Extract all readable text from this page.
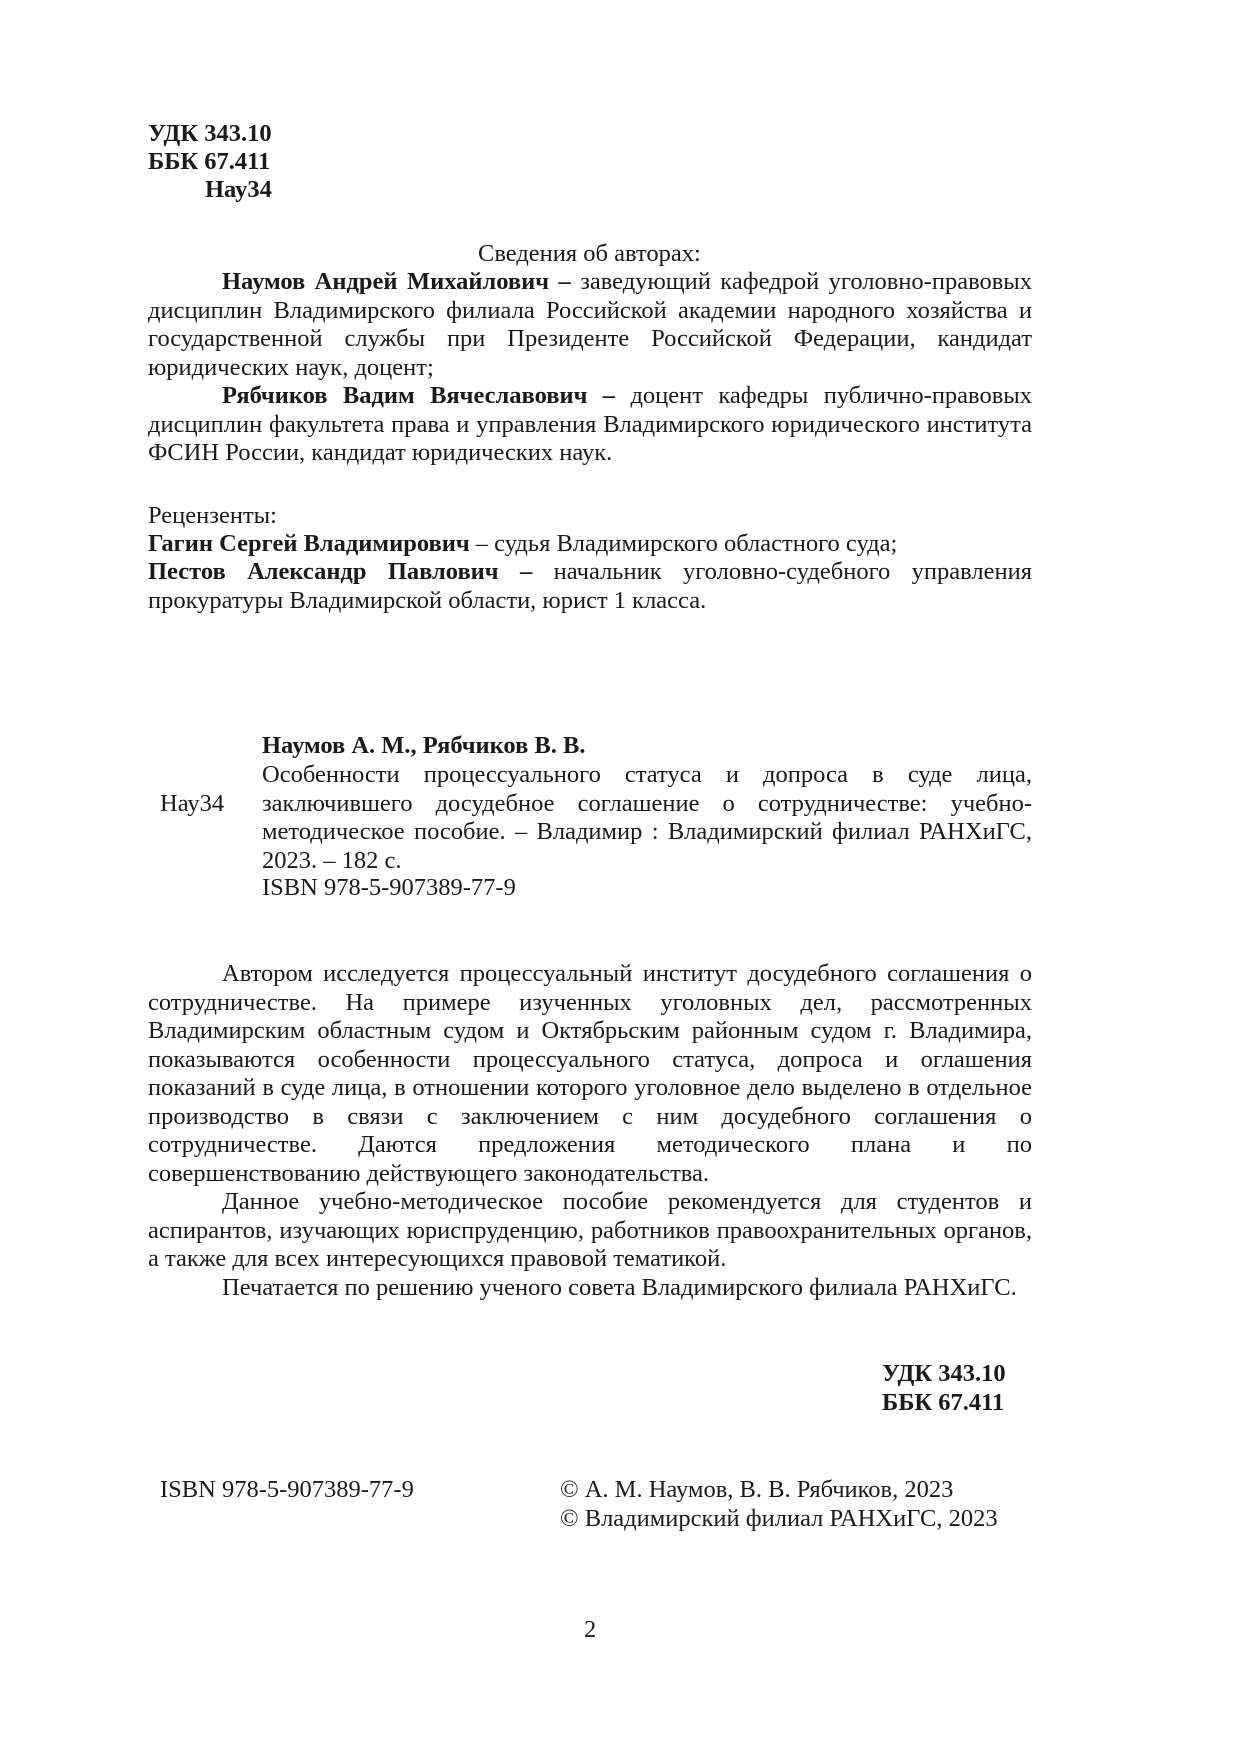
УДК 343.10
ББК 67.411
Нау34
Сведения об авторах:
Наумов Андрей Михайлович – заведующий кафедрой уголовно-правовых дисциплин Владимирского филиала Российской академии народного хозяйства и государственной службы при Президенте Российской Федерации, кандидат юридических наук, доцент;
Рябчиков Вадим Вячеславович – доцент кафедры публично-правовых дисциплин факультета права и управления Владимирского юридического института ФСИН России, кандидат юридических наук.
Рецензенты:
Гагин Сергей Владимирович – судья Владимирского областного суда;
Пестов Александр Павлович – начальник уголовно-судебного управления прокуратуры Владимирской области, юрист 1 класса.
Нау34
Наумов А. М., Рябчиков В. В.
Особенности процессуального статуса и допроса в суде лица, заключившего досудебное соглашение о сотрудничестве: учебно-методическое пособие. – Владимир : Владимирский филиал РАНХиГС, 2023. – 182 с.
ISBN 978-5-907389-77-9

Автором исследуется процессуальный институт досудебного соглашения о сотрудничестве. На примере изученных уголовных дел, рассмотренных Владимирским областным судом и Октябрьским районным судом г. Владимира, показываются особенности процессуального статуса, допроса и оглашения показаний в суде лица, в отношении которого уголовное дело выделено в отдельное производство в связи с заключением с ним досудебного соглашения о сотрудничестве. Даются предложения методического плана и по совершенствованию действующего законодательства.

Данное учебно-методическое пособие рекомендуется для студентов и аспирантов, изучающих юриспруденцию, работников правоохранительных органов, а также для всех интересующихся правовой тематикой.

Печатается по решению ученого совета Владимирского филиала РАНХиГС.

УДК 343.10
ББК 67.411
ISBN 978-5-907389-77-9	© А. М. Наумов, В. В. Рябчиков, 2023
© Владимирский филиал РАНХиГС, 2023
2
